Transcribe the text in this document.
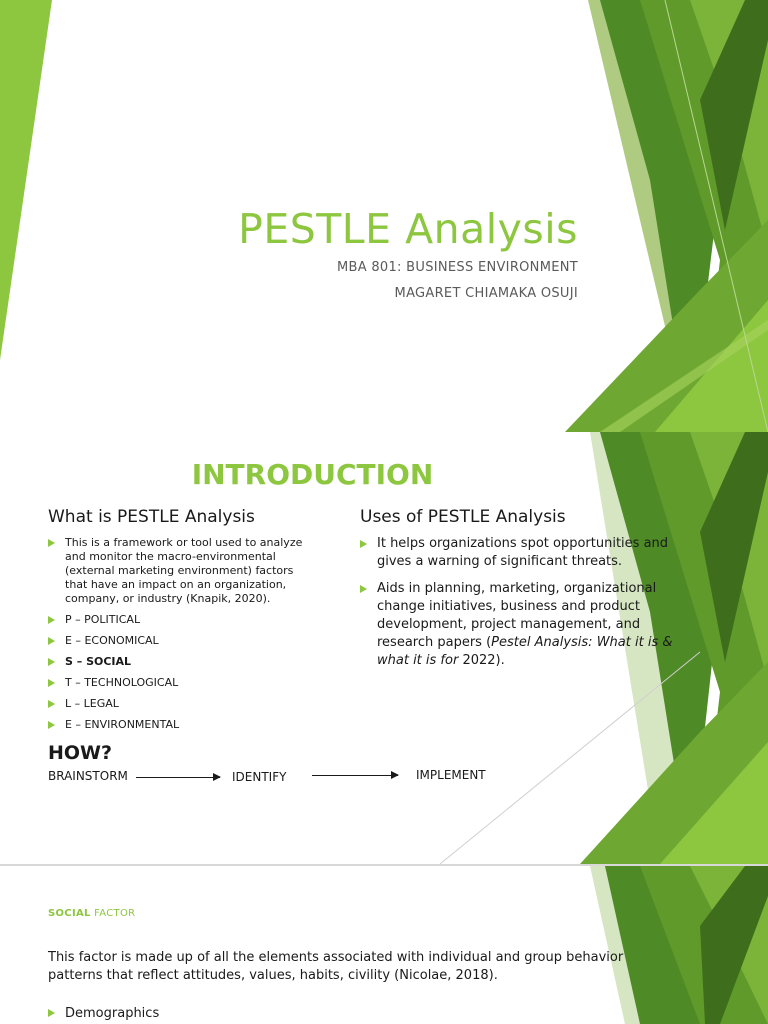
PESTLE Analysis
MBA 801: BUSINESS ENVIRONMENT
MAGARET CHIAMAKA OSUJI
INTRODUCTION
What is PESTLE Analysis
This is a framework or tool used to analyze and monitor the macro-environmental (external marketing environment) factors that have an impact on an organization, company, or industry (Knapik, 2020).
P – POLITICAL
E – ECONOMICAL
S – SOCIAL
T – TECHNOLOGICAL
L – LEGAL
E – ENVIRONMENTAL
Uses of PESTLE Analysis
It helps organizations spot opportunities and gives a warning of significant threats.
Aids in planning, marketing, organizational change initiatives, business and product development, project management, and research papers (Pestel Analysis: What it is & what it is for 2022).
HOW?
BRAINSTORM	IDENTIFY	IMPLEMENT
SOCIAL FACTOR
This factor is made up of all the elements associated with individual and group behavior patterns that reflect attitudes, values, habits, civility (Nicolae, 2018).
Demographics
